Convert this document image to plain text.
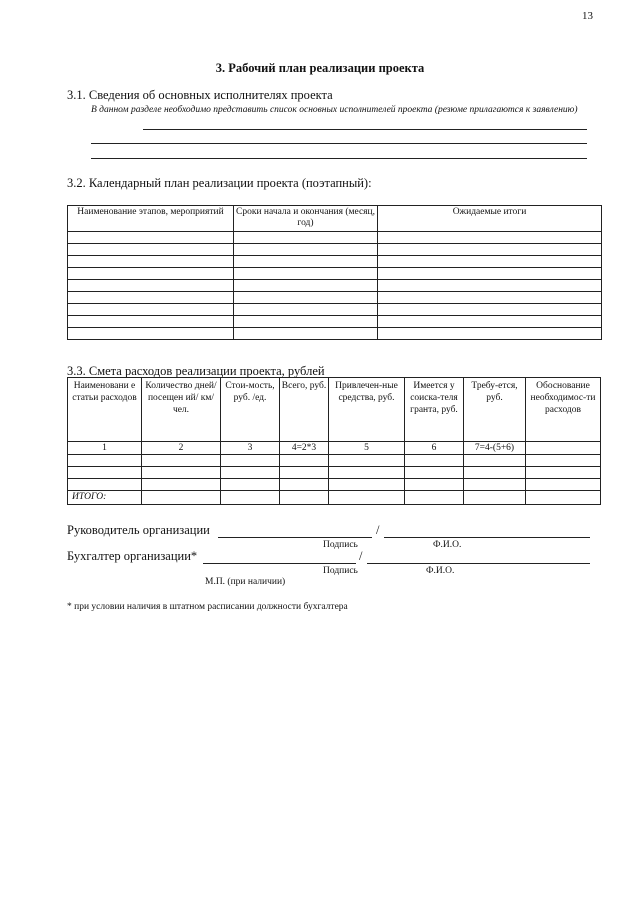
13
3. Рабочий план реализации проекта
3.1. Сведения об основных исполнителях проекта
В данном разделе необходимо представить список основных исполнителей проекта (резюме прилагаются к заявлению)
3.2. Календарный план реализации проекта (поэтапный):
Наименование этапов, мероприятий	Сроки начала и окончания (месяц, год)	Ожидаемые итоги

3.3. Смета расходов реализации проекта, рублей
Наименовани е статьи расходов	Количество дней/посещен ий/ км/чел.	Стои-мость, руб. /ед.	Всего, руб.	Привлечен-ные средства, руб.	Имеется у соиска-теля гранта, руб.	Требу-ется, руб.	Обоснование необходимос-ти расходов
1	2	3	4=2*3	5	6	7=4-(5+6)	

ИТОГО:							
Руководитель организации	/
Подпись	Ф.И.О.
Бухгалтер организации*	/
Подпись	Ф.И.О.
М.П. (при наличии)
* при условии наличия в штатном расписании должности бухгалтера
